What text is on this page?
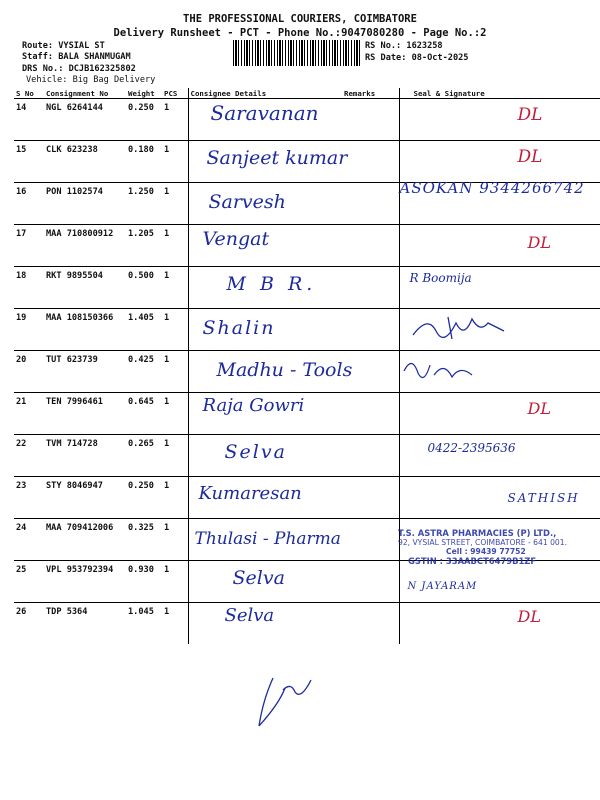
THE PROFESSIONAL COURIERS, COIMBATORE
Delivery Runsheet - PCT - Phone No.:9047080280 - Page No.:2
Route: VYSIAL ST
Staff: BALA SHANMUGAM
DRS No.: DCJB162325802
Vehicle: Big Bag Delivery
RS No.: 1623258
RS Date: 08-Oct-2025
S No	Consignment No	Weight	PCS	Consignee Details	Remarks	Seal & Signature
14	NGL 6264144	0.250	1	Saravanan		DL

15	CLK 623238	0.180	1	Sanjeet kumar		DL

16	PON 1102574	1.250	1	Sarvesh		ASOKAN 9344266742

17	MAA 710800912	1.205	1	Vengat		DL

18	RKT 9895504	0.500	1	M B R.		R Boomija

19	MAA 108150366	1.405	1	Shalin

20	TUT 623739	0.425	1	Madhu - Tools

21	TEN 7996461	0.645	1	Raja Gowri		DL

22	TVM 714728	0.265	1	Selva		0422-2395636

23	STY 8046947	0.250	1	Kumaresan		SATHISH

24	MAA 709412006	0.325	1	Thulasi - Pharma		

25	VPL 953792394	0.930	1	Selva		N JAYARAM

26	TDP 5364	1.045	1	Selva		DL
T.S. ASTRA PHARMACIES (P) LTD.,
92, VYSIAL STREET, COIMBATORE - 641 001.
Cell : 99439 77752
GSTIN : 33AABCT6479B1ZF
